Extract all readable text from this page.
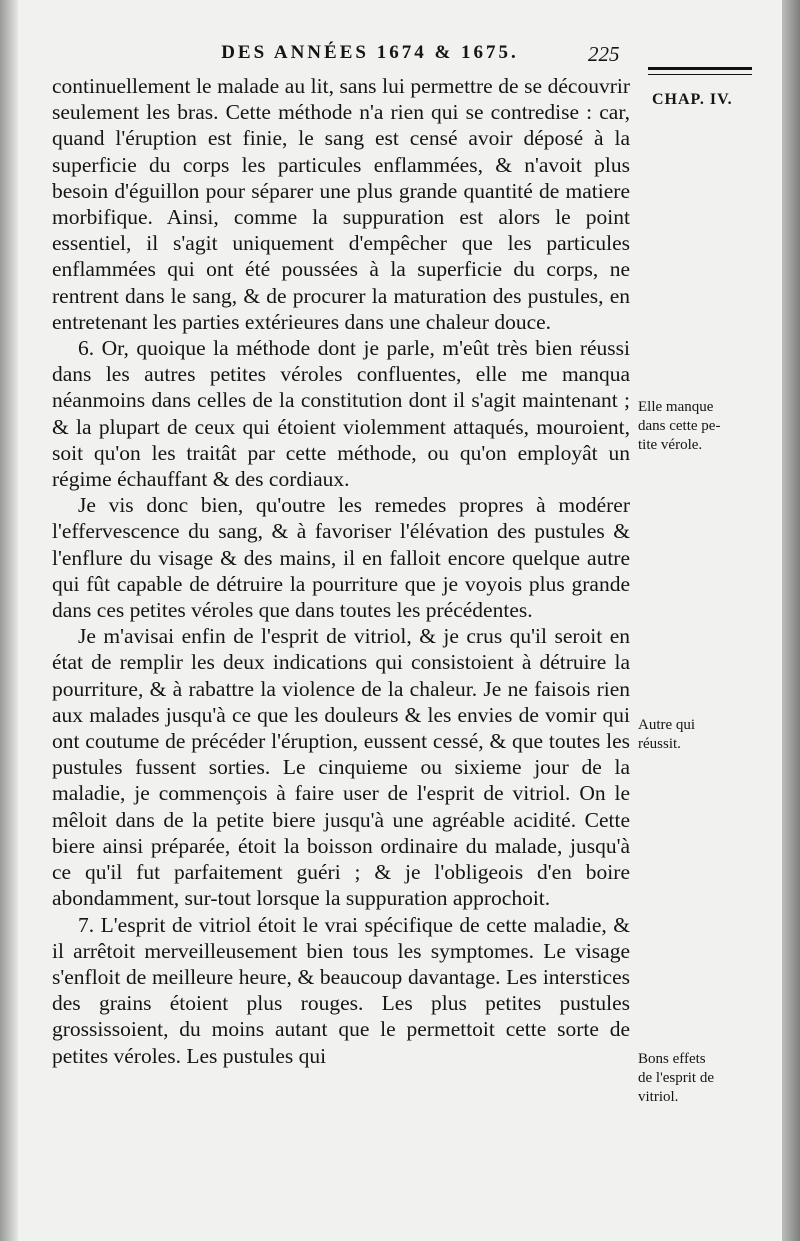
DES ANNÉES 1674 & 1675.	225
CHAP. IV.

continuellement le malade au lit, sans lui permettre de se découvrir seulement les bras. Cette méthode n'a rien qui se contredise : car, quand l'éruption est finie, le sang est censé avoir déposé à la superficie du corps les particules enflammées, & n'avoit plus besoin d'éguillon pour séparer une plus grande quantité de matiere morbifique. Ainsi, comme la suppuration est alors le point essentiel, il s'agit uniquement d'empêcher que les particules enflammées qui ont été poussées à la superficie du corps, ne rentrent dans le sang, & de procurer la maturation des pustules, en entretenant les parties extérieures dans une chaleur douce.

6. Or, quoique la méthode dont je parle, m'eût très bien réussi dans les autres petites véroles confluentes, elle me manqua néanmoins dans celles de la constitution dont il s'agit maintenant ; & la plupart de ceux qui étoient violemment attaqués, mouroient, soit qu'on les traitât par cette méthode, ou qu'on employât un régime échauffant & des cordiaux.

Je vis donc bien, qu'outre les remedes propres à modérer l'effervescence du sang, & à favoriser l'élévation des pustules & l'enflure du visage & des mains, il en falloit encore quelque autre qui fût capable de détruire la pourriture que je voyois plus grande dans ces petites véroles que dans toutes les précédentes.

Je m'avisai enfin de l'esprit de vitriol, & je crus qu'il seroit en état de remplir les deux indications qui consistoient à détruire la pourriture, & à rabattre la violence de la chaleur. Je ne faisois rien aux malades jusqu'à ce que les douleurs & les envies de vomir qui ont coutume de précéder l'éruption, eussent cessé, & que toutes les pustules fussent sorties. Le cinquieme ou sixieme jour de la maladie, je commençois à faire user de l'esprit de vitriol. On le mêloit dans de la petite biere jusqu'à une agréable acidité. Cette biere ainsi préparée, étoit la boisson ordinaire du malade, jusqu'à ce qu'il fut parfaitement guéri ; & je l'obligeois d'en boire abondamment, sur-tout lorsque la suppuration approchoit.

7. L'esprit de vitriol étoit le vrai spécifique de cette maladie, & il arrêtoit merveilleusement bien tous les symptomes. Le visage s'enfloit de meilleure heure, & beaucoup davantage. Les interstices des grains étoient plus rouges. Les plus petites pustules grossissoient, du moins autant que le permettoit cette sorte de petites véroles. Les pustules qui

Elle manque
dans cette pe-
tite vérole.
Autre qui
réussit.
Bons effets
de l'esprit de
vitriol.
